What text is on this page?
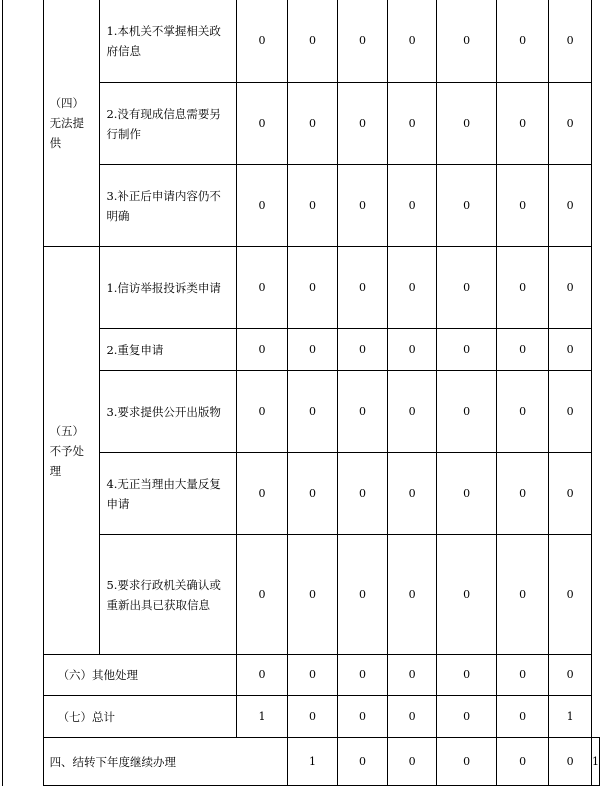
	（四）无法提供	1.本机关不掌握相关政府信息	0	0	0	0	0	0	0	
		2.没有现成信息需要另行制作	0	0	0	0	0	0	0	
		3.补正后申请内容仍不明确	0	0	0	0	0	0	0	
	（五）不予处理	1.信访举报投诉类申请	0	0	0	0	0	0	0	
		2.重复申请	0	0	0	0	0	0	0	
		3.要求提供公开出版物	0	0	0	0	0	0	0	
		4.无正当理由大量反复申请	0	0	0	0	0	0	0	
		5.要求行政机关确认或重新出具已获取信息	0	0	0	0	0	0	0	
	（六）其他处理		0	0	0	0	0	0	0	
	（七）总计		1	0	0	0	0	0	1	
	四、结转下年度继续办理			1	0	0	0	0	0	1
